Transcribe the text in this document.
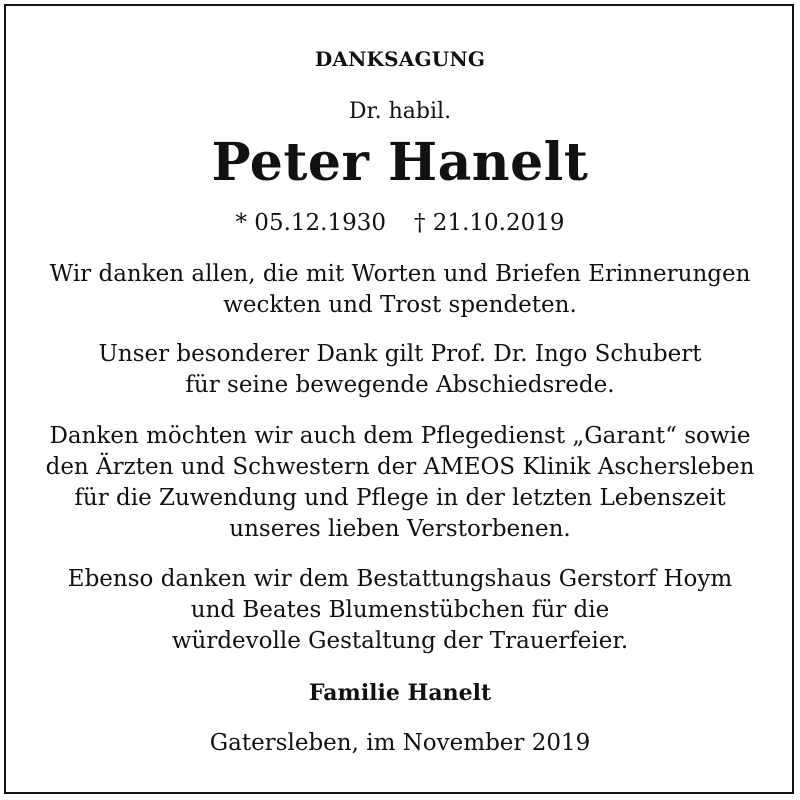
DANKSAGUNG
Dr. habil.
Peter Hanelt
* 05.12.1930 † 21.10.2019
Wir danken allen, die mit Worten und Briefen Erinnerungen
weckten und Trost spendeten.
Unser besonderer Dank gilt Prof. Dr. Ingo Schubert
für seine bewegende Abschiedsrede.
Danken möchten wir auch dem Pflegedienst „Garant“ sowie
den Ärzten und Schwestern der AMEOS Klinik Aschersleben
für die Zuwendung und Pflege in der letzten Lebenszeit
unseres lieben Verstorbenen.
Ebenso danken wir dem Bestattungshaus Gerstorf Hoym
und Beates Blumenstübchen für die
würdevolle Gestaltung der Trauerfeier.
Familie Hanelt
Gatersleben, im November 2019
